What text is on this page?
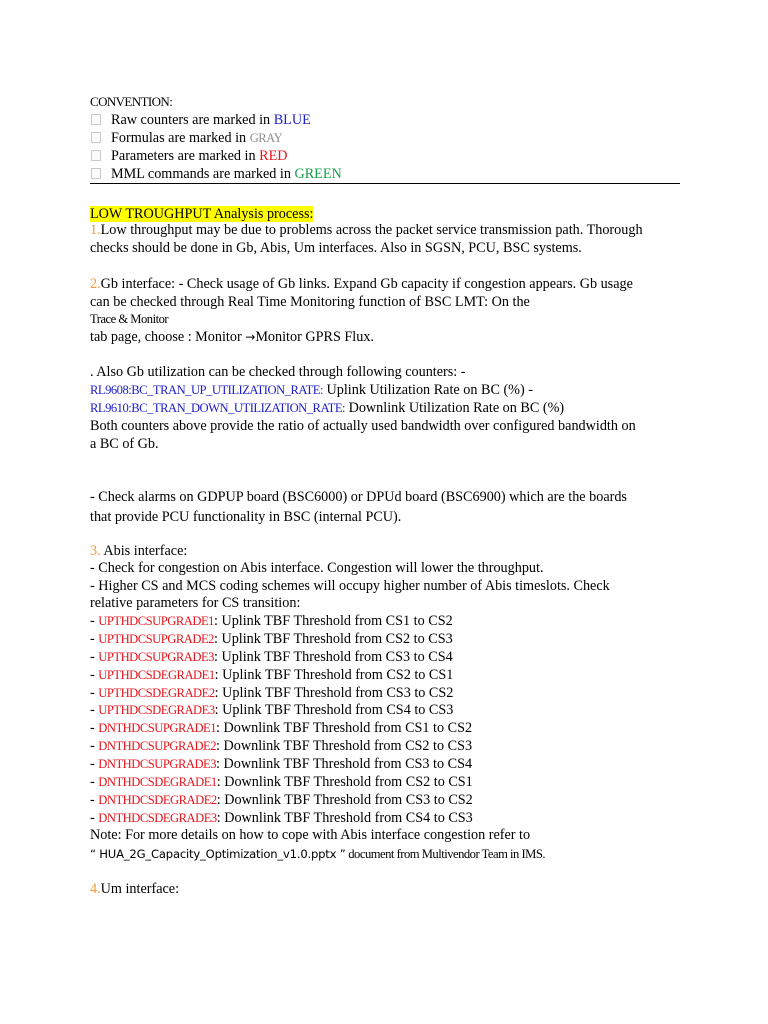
CONVENTION:
Raw counters are marked in BLUE
Formulas are marked in GRAY
Parameters are marked in RED
MML commands are marked in GREEN
LOW TROUGHPUT Analysis process:
1.Low throughput may be due to problems across the packet service transmission path. Thorough
checks should be done in Gb, Abis, Um interfaces. Also in SGSN, PCU, BSC systems.
2.Gb interface: - Check usage of Gb links. Expand Gb capacity if congestion appears. Gb usage
can be checked through Real Time Monitoring function of BSC LMT: On the
Trace & Monitor
tab page, choose : Monitor →Monitor GPRS Flux.
. Also Gb utilization can be checked through following counters: -
RL9608:BC_TRAN_UP_UTILIZATION_RATE: Uplink Utilization Rate on BC (%) -
RL9610:BC_TRAN_DOWN_UTILIZATION_RATE: Downlink Utilization Rate on BC (%)
Both counters above provide the ratio of actually used bandwidth over configured bandwidth on
a BC of Gb.
- Check alarms on GDPUP board (BSC6000) or DPUd board (BSC6900) which are the boards
that provide PCU functionality in BSC (internal PCU).
3. Abis interface:
- Check for congestion on Abis interface. Congestion will lower the throughput.
- Higher CS and MCS coding schemes will occupy higher number of Abis timeslots. Check
relative parameters for CS transition:
- UPTHDCSUPGRADE1: Uplink TBF Threshold from CS1 to CS2
- UPTHDCSUPGRADE2: Uplink TBF Threshold from CS2 to CS3
- UPTHDCSUPGRADE3: Uplink TBF Threshold from CS3 to CS4
- UPTHDCSDEGRADE1: Uplink TBF Threshold from CS2 to CS1
- UPTHDCSDEGRADE2: Uplink TBF Threshold from CS3 to CS2
- UPTHDCSDEGRADE3: Uplink TBF Threshold from CS4 to CS3
- DNTHDCSUPGRADE1: Downlink TBF Threshold from CS1 to CS2
- DNTHDCSUPGRADE2: Downlink TBF Threshold from CS2 to CS3
- DNTHDCSUPGRADE3: Downlink TBF Threshold from CS3 to CS4
- DNTHDCSDEGRADE1: Downlink TBF Threshold from CS2 to CS1
- DNTHDCSDEGRADE2: Downlink TBF Threshold from CS3 to CS2
- DNTHDCSDEGRADE3: Downlink TBF Threshold from CS4 to CS3
Note: For more details on how to cope with Abis interface congestion refer to
“ HUA_2G_Capacity_Optimization_v1.0.pptx ” document from Multivendor Team in IMS.
4.Um interface:
